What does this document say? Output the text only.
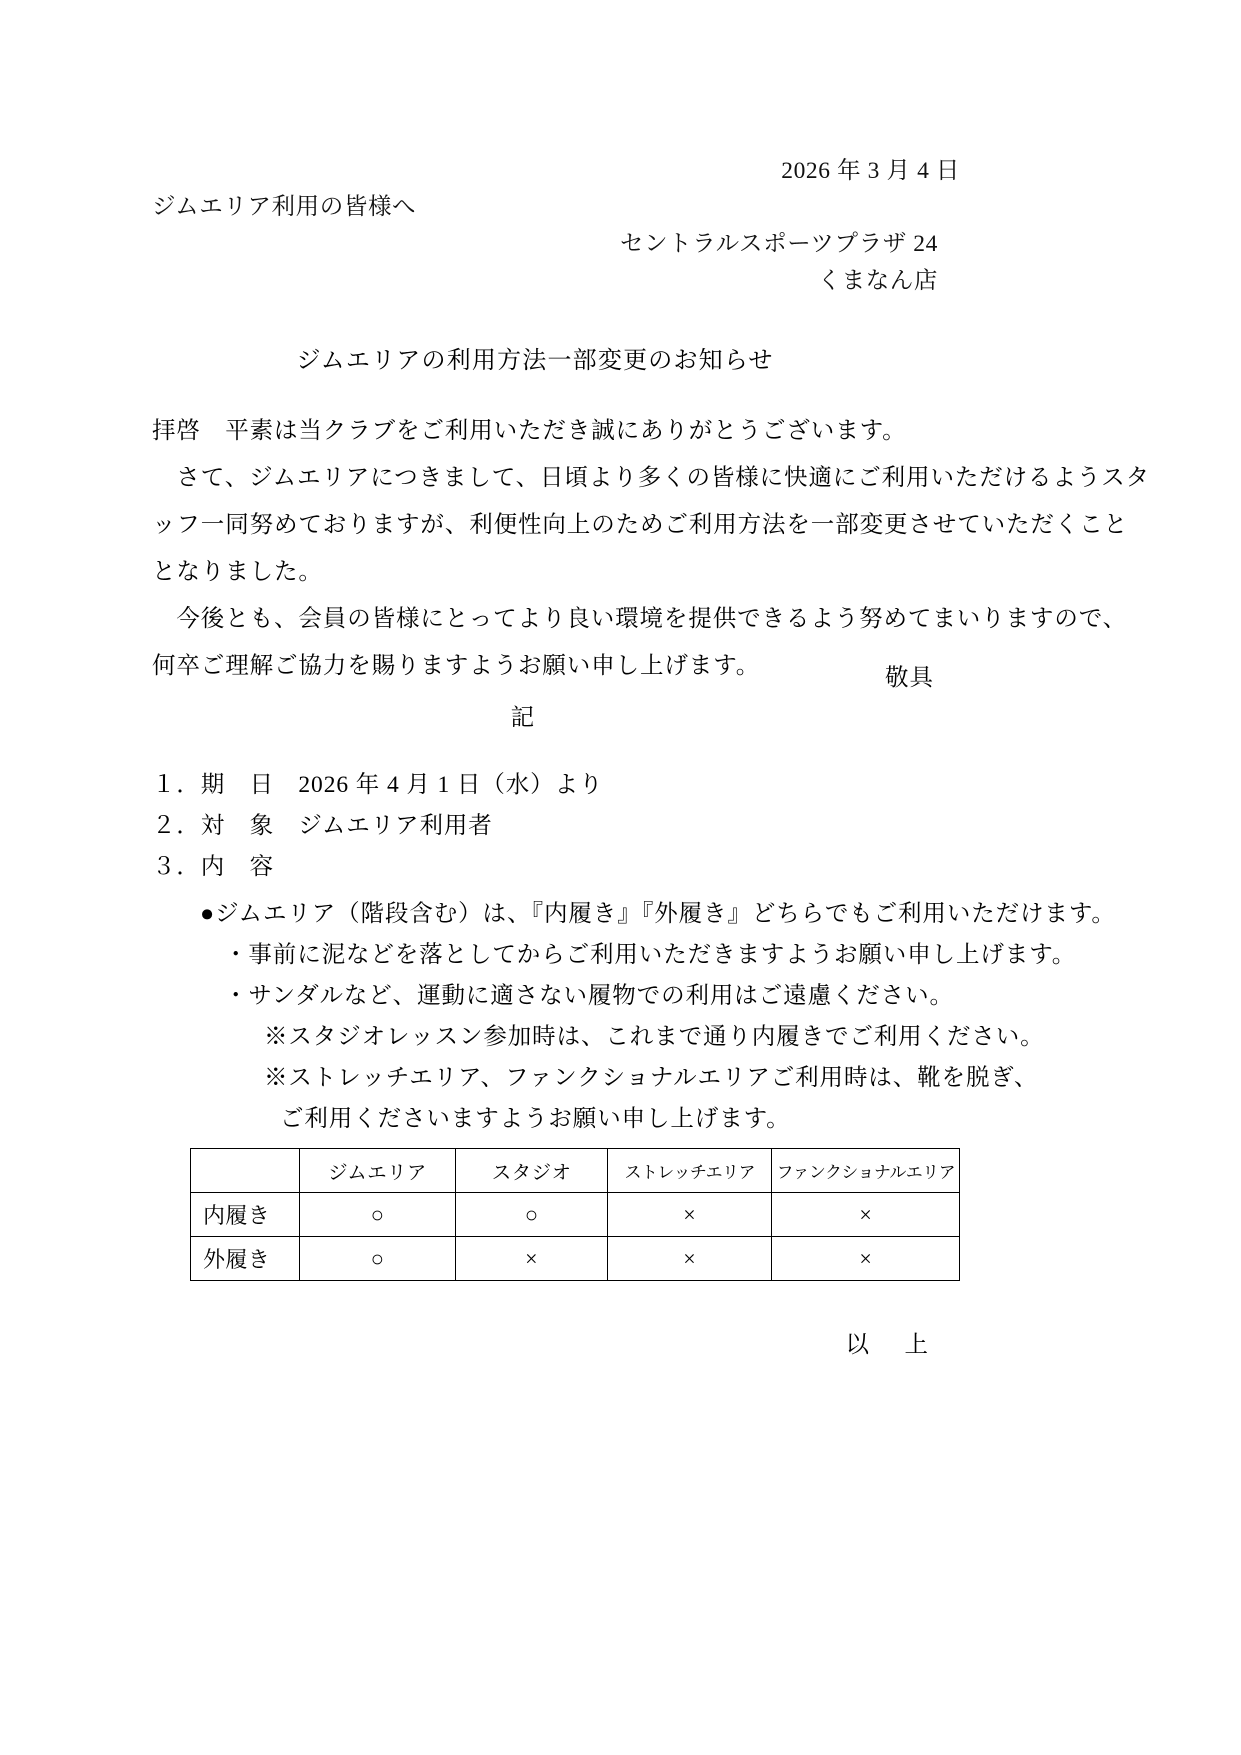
2026 年 3 月 4 日
ジムエリア利用の皆様へ
セントラルスポーツプラザ 24
くまなん店
ジムエリアの利用方法一部変更のお知らせ
拝啓　平素は当クラブをご利用いただき誠にありがとうございます。
　さて、ジムエリアにつきまして、日頃より多くの皆様に快適にご利用いただけるようスタ
ッフ一同努めておりますが、利便性向上のためご利用方法を一部変更させていただくこと
となりました。
　今後とも、会員の皆様にとってより良い環境を提供できるよう努めてまいりますので、
何卒ご理解ご協力を賜りますようお願い申し上げます。	敬具
記
１．期　日　2026 年 4 月 1 日（水）より
２．対　象　ジムエリア利用者
３．内　容
●ジムエリア（階段含む）は、『内履き』『外履き』どちらでもご利用いただけます。
・事前に泥などを落としてからご利用いただきますようお願い申し上げます。
・サンダルなど、運動に適さない履物での利用はご遠慮ください。
※スタジオレッスン参加時は、これまで通り内履きでご利用ください。
※ストレッチエリア、ファンクショナルエリアご利用時は、靴を脱ぎ、
ご利用くださいますようお願い申し上げます。
	ジムエリア	スタジオ	ストレッチエリア	ファンクショナルエリア
内履き	○	○	×	×
外履き	○	×	×	×
以　上
